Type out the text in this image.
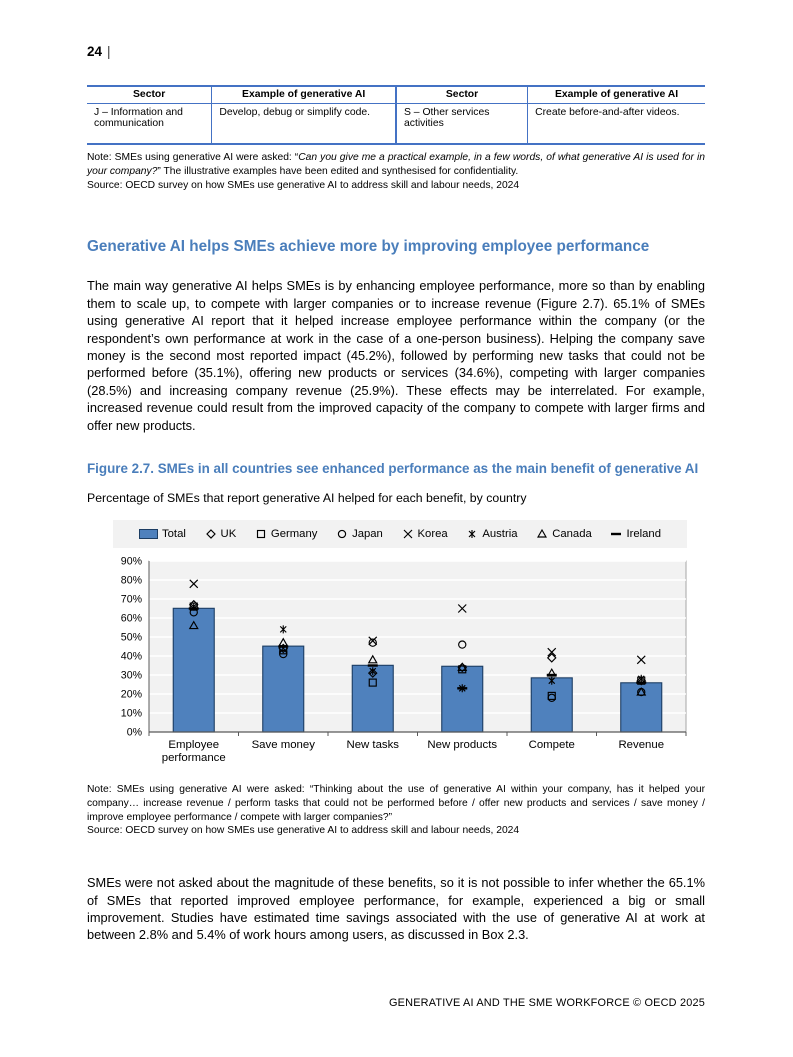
24 |
Sector	Example of generative AI	Sector	Example of generative AI
J – Information and communication	Develop, debug or simplify code.	S – Other services activities	Create before-and-after videos.
Note: SMEs using generative AI were asked: “Can you give me a practical example, in a few words, of what generative AI is used for in your company?” The illustrative examples have been edited and synthesised for confidentiality.
Source: OECD survey on how SMEs use generative AI to address skill and labour needs, 2024
Generative AI helps SMEs achieve more by improving employee performance
The main way generative AI helps SMEs is by enhancing employee performance, more so than by enabling them to scale up, to compete with larger companies or to increase revenue (Figure 2.7). 65.1% of SMEs using generative AI report that it helped increase employee performance within the company (or the respondent’s own performance at work in the case of a one-person business). Helping the company save money is the second most reported impact (45.2%), followed by performing new tasks that could not be performed before (35.1%), offering new products or services (34.6%), competing with larger companies (28.5%) and increasing company revenue (25.9%). These effects may be interrelated. For example, increased revenue could result from the improved capacity of the company to compete with larger firms and offer new products.
Figure 2.7. SMEs in all countries see enhanced performance as the main benefit of generative AI
Percentage of SMEs that report generative AI helped for each benefit, by country
Total	UK	Germany	Japan	Korea	Austria	Canada	Ireland
0%
10%
20%
30%
40%
50%
60%
70%
80%
90%
Employee
performance
Save money	New tasks New products	Compete	Revenue
Note: SMEs using generative AI were asked: “Thinking about the use of generative AI within your company, has it helped your company… increase revenue / perform tasks that could not be performed before / offer new products and services / save money / improve employee performance / compete with larger companies?”
Source: OECD survey on how SMEs use generative AI to address skill and labour needs, 2024
SMEs were not asked about the magnitude of these benefits, so it is not possible to infer whether the 65.1% of SMEs that reported improved employee performance, for example, experienced a big or small improvement. Studies have estimated time savings associated with the use of generative AI at work at between 2.8% and 5.4% of work hours among users, as discussed in Box 2.3.
GENERATIVE AI AND THE SME WORKFORCE © OECD 2025
